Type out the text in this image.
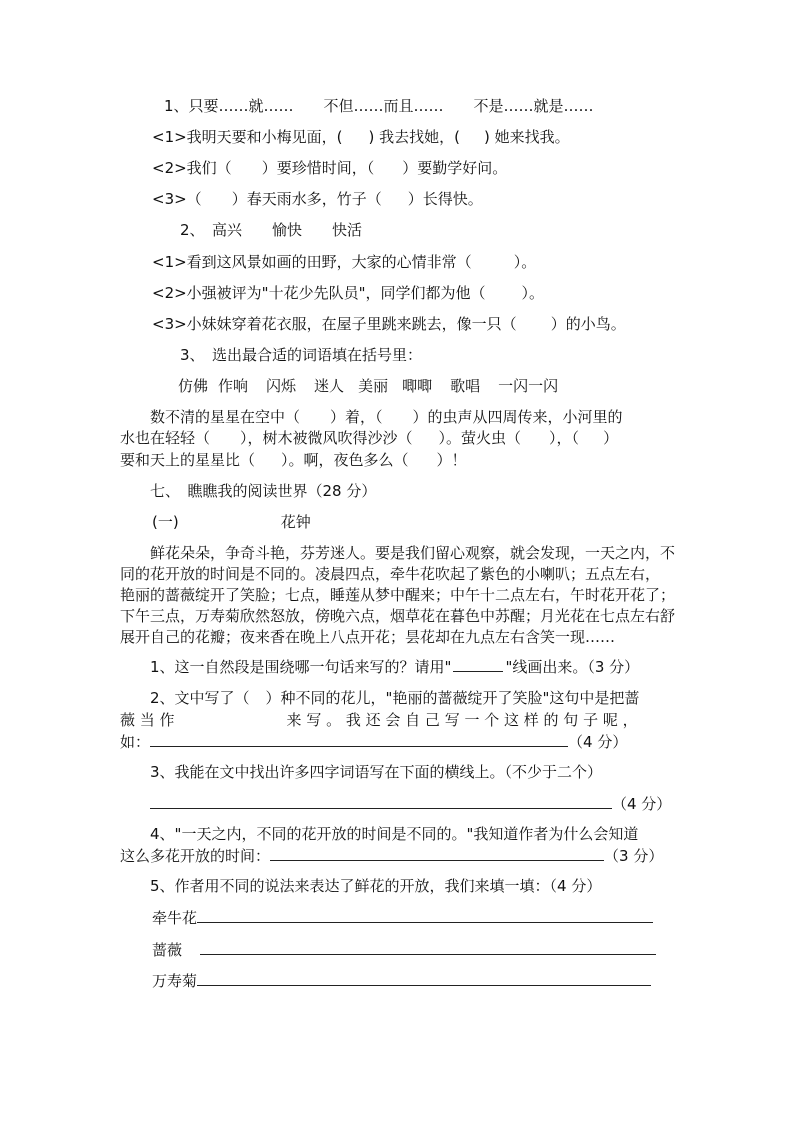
1、只要……就……　　不但……而且……　　不是……就是……
<1>我明天要和小梅见面，( ) 我去找她，( ) 她来找我。
<2>我们（ ）要珍惜时间，（ ）要勤学好问。
<3>（ ）春天雨水多，竹子（ ）长得快。
2、　高兴　　愉快　　快活
<1>看到这风景如画的田野，大家的心情非常（	）。
<2>小强被评为"十花少先队员"，同学们都为他（ ）。
<3>小妹妹穿着花衣服，在屋子里跳来跳去，像一只（ ）的小鸟。
3、　选出最合适的词语填在括号里：
仿佛 作响 闪烁 迷人 美丽 唧唧 歌唱 一闪一闪
数不清的星星在空中（ ）着，（ ）的虫声从四周传来，小河里的
水也在轻轻（ ），树木被微风吹得沙沙（ ）。萤火虫（ ），（ ）
要和天上的星星比（ ）。啊，夜色多么（ ）！
七、　瞧瞧我的阅读世界（28 分）
(一)	花钟
鲜花朵朵，争奇斗艳，芬芳迷人。要是我们留心观察，就会发现，一天之内，不
同的花开放的时间是不同的。凌晨四点，牵牛花吹起了紫色的小喇叭；五点左右，
艳丽的蔷薇绽开了笑脸；七点，睡莲从梦中醒来；中午十二点左右，午时花开花了；
下午三点，万寿菊欣然怒放，傍晚六点，烟草花在暮色中苏醒；月光花在七点左右舒
展开自己的花瓣；夜来香在晚上八点开花；昙花却在九点左右含笑一现……
1、这一自然段是围绕哪一句话来写的？请用"	"线画出来。（3 分）
2、文中写了（ ）种不同的花儿，"艳丽的蔷薇绽开了笑脸"这句中是把蔷
薇 当 作	来 写 。 我 还 会 自 己 写 一 个 这 样 的 句 子 呢 ，
如：	（4 分）
3、我能在文中找出许多四字词语写在下面的横线上。（不少于二个）
（4 分）
4、"一天之内，不同的花开放的时间是不同的。"我知道作者为什么会知道
这么多花开放的时间：	（3 分）
5、作者用不同的说法来表达了鲜花的开放，我们来填一填：（4 分）
牵牛花
蔷薇
万寿菊
